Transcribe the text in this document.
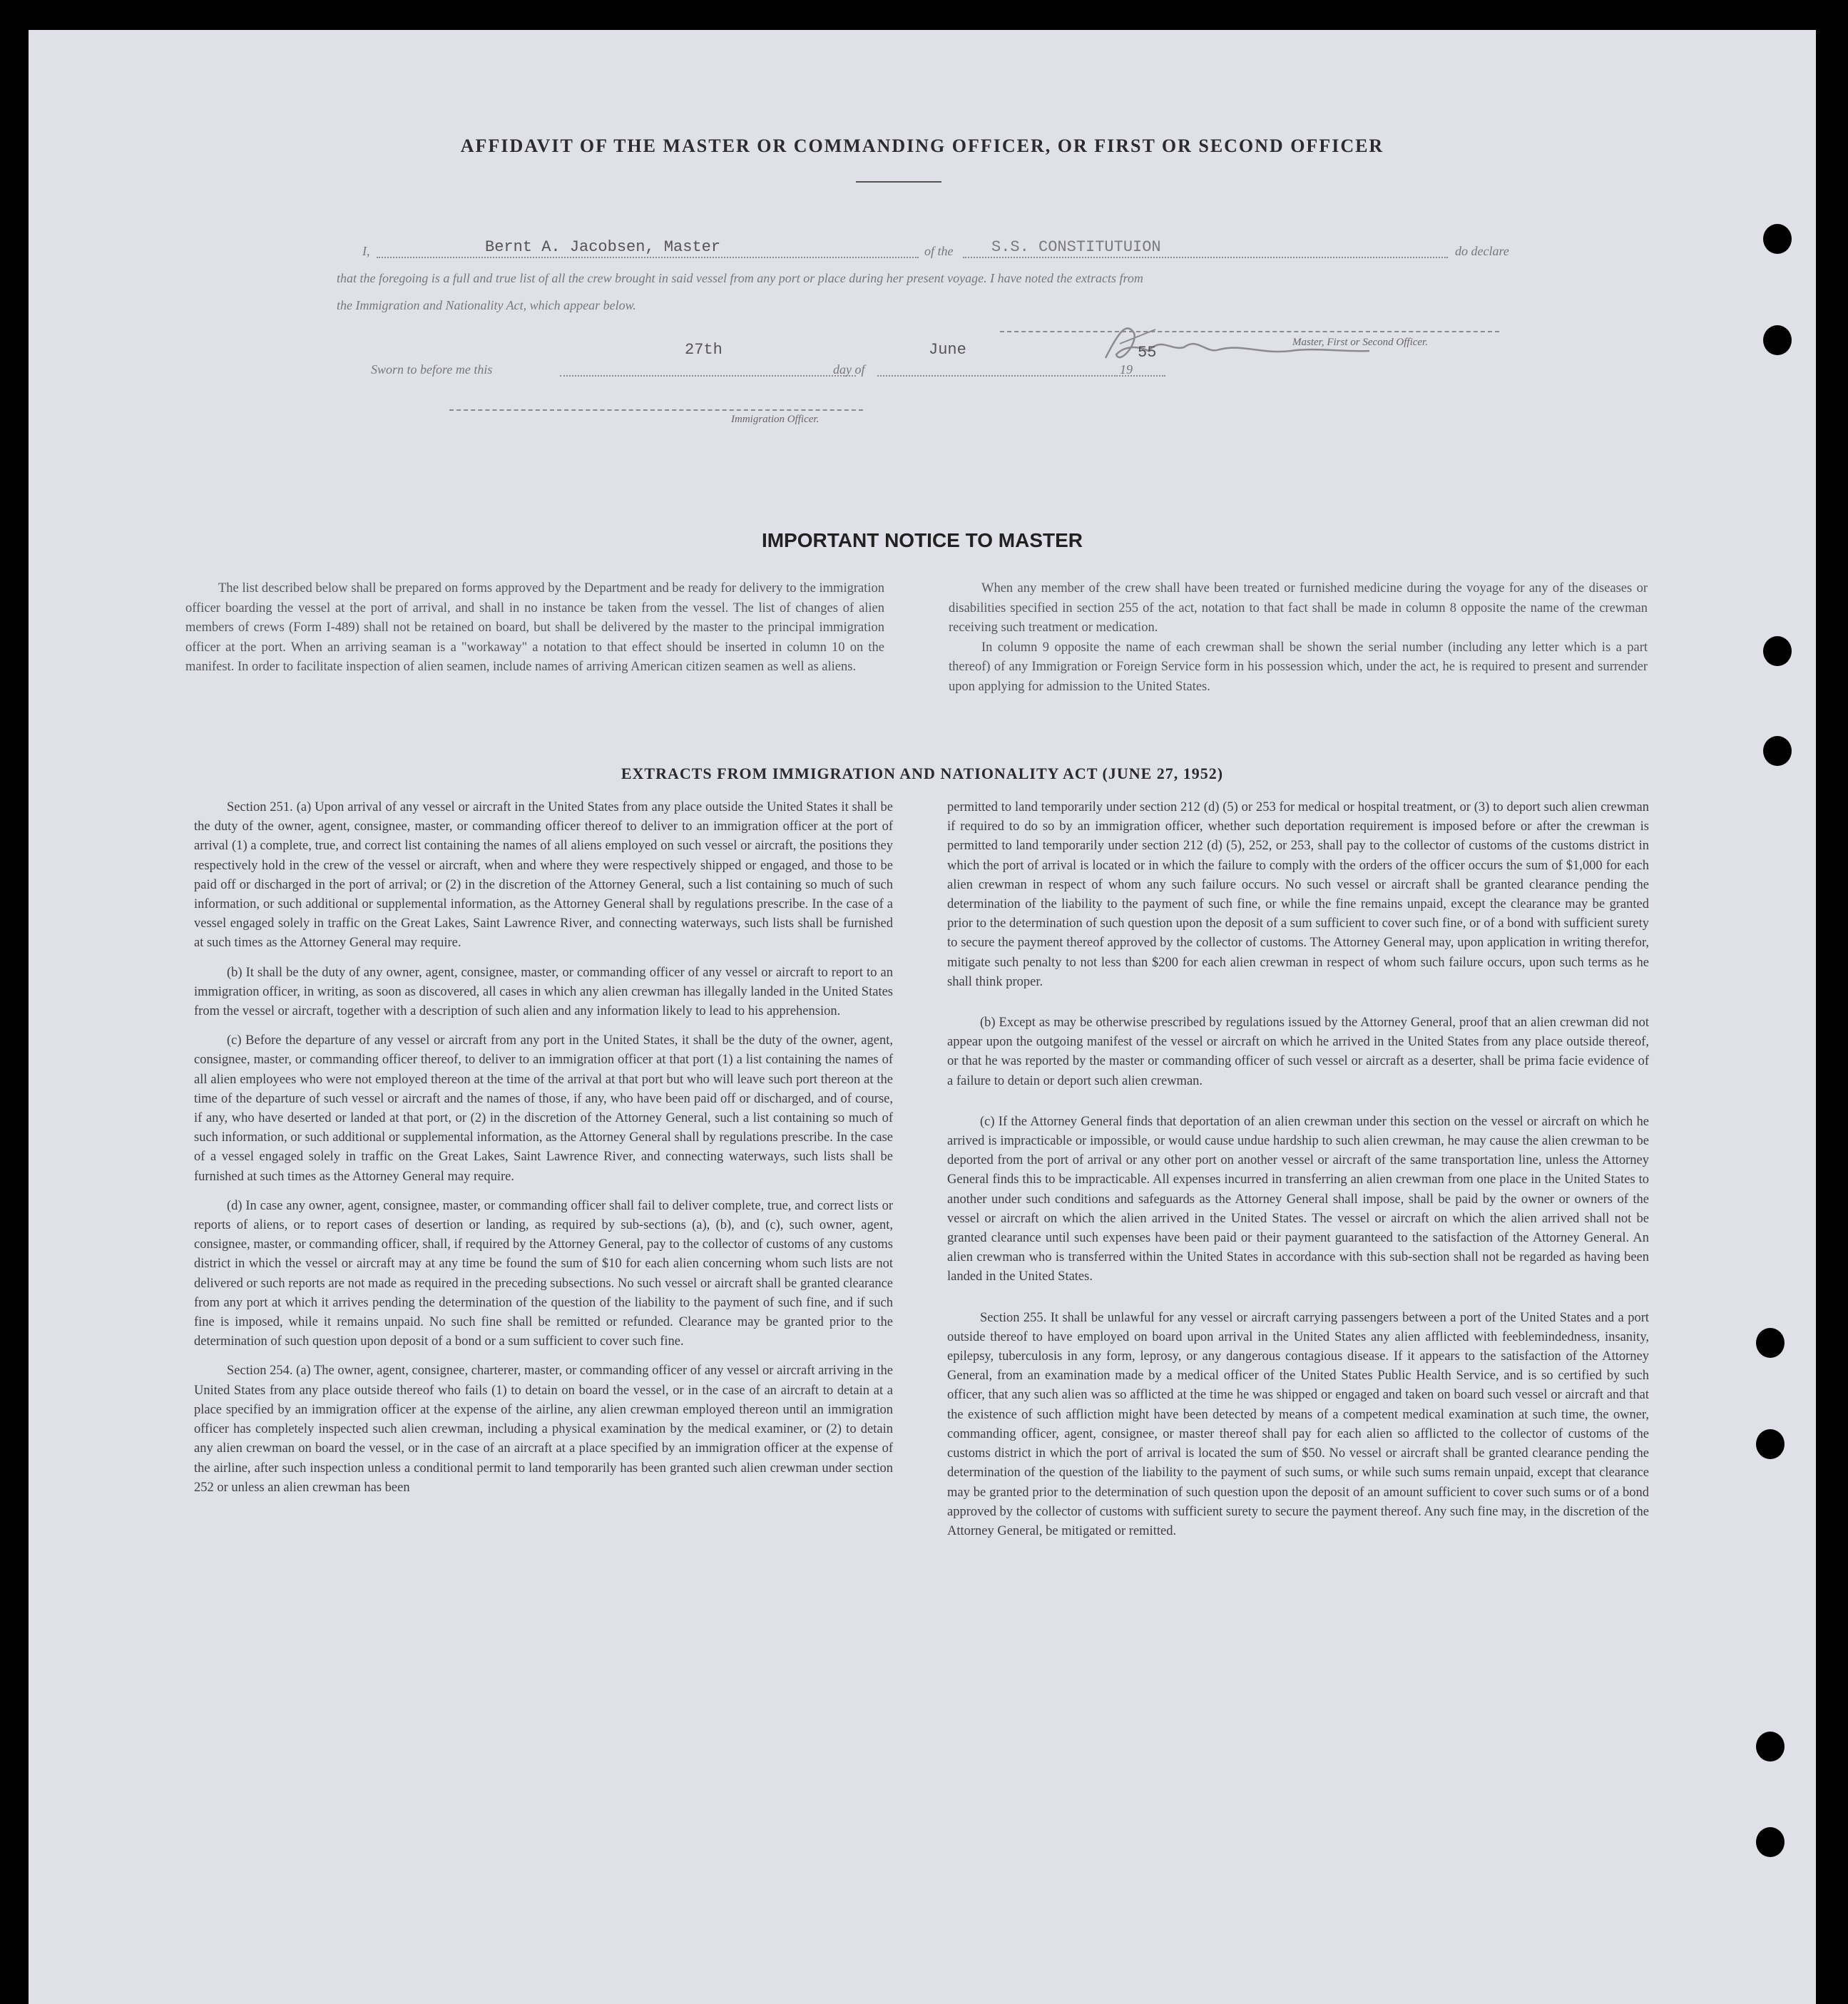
AFFIDAVIT OF THE MASTER OR COMMANDING OFFICER, OR FIRST OR SECOND OFFICER
I,	Bernt A. Jacobsen, Master	of the S.S. CONSTITUTUION	do declare
that the foregoing is a full and true list of all the crew brought in said vessel from any port or place during her present voyage. I have noted the extracts from
the Immigration and Nationality Act, which appear below.
Master, First or Second Officer.
Sworn to before me this
27th
day of
June
19
55
Immigration Officer.
IMPORTANT NOTICE TO MASTER

The list described below shall be prepared on forms approved by the Department and be ready for delivery to the immigration officer boarding the vessel at the port of arrival, and shall in no instance be taken from the vessel. The list of changes of alien members of crews (Form I-489) shall not be retained on board, but shall be delivered by the master to the principal immigration officer at the port. When an arriving seaman is a "workaway" a notation to that effect should be inserted in column 10 on the manifest. In order to facilitate inspection of alien seamen, include names of arriving American citizen seamen as well as aliens.

When any member of the crew shall have been treated or furnished medicine during the voyage for any of the diseases or disabilities specified in section 255 of the act, notation to that fact shall be made in column 8 opposite the name of the crewman receiving such treatment or medication.

In column 9 opposite the name of each crewman shall be shown the serial number (including any letter which is a part thereof) of any Immigration or Foreign Service form in his possession which, under the act, he is required to present and surrender upon applying for admission to the United States.

EXTRACTS FROM IMMIGRATION AND NATIONALITY ACT (JUNE 27, 1952)

Section 251. (a) Upon arrival of any vessel or aircraft in the United States from any place outside the United States it shall be the duty of the owner, agent, consignee, master, or commanding officer thereof to deliver to an immigration officer at the port of arrival (1) a complete, true, and correct list containing the names of all aliens employed on such vessel or aircraft, the positions they respectively hold in the crew of the vessel or aircraft, when and where they were respectively shipped or engaged, and those to be paid off or discharged in the port of arrival; or (2) in the discretion of the Attorney General, such a list containing so much of such information, or such additional or supplemental information, as the Attorney General shall by regulations prescribe. In the case of a vessel engaged solely in traffic on the Great Lakes, Saint Lawrence River, and connecting waterways, such lists shall be furnished at such times as the Attorney General may require.

(b) It shall be the duty of any owner, agent, consignee, master, or commanding officer of any vessel or aircraft to report to an immigration officer, in writing, as soon as discovered, all cases in which any alien crewman has illegally landed in the United States from the vessel or aircraft, together with a description of such alien and any information likely to lead to his apprehension.

(c) Before the departure of any vessel or aircraft from any port in the United States, it shall be the duty of the owner, agent, consignee, master, or commanding officer thereof, to deliver to an immigration officer at that port (1) a list containing the names of all alien employees who were not employed thereon at the time of the arrival at that port but who will leave such port thereon at the time of the departure of such vessel or aircraft and the names of those, if any, who have been paid off or discharged, and of course, if any, who have deserted or landed at that port, or (2) in the discretion of the Attorney General, such a list containing so much of such information, or such additional or supplemental information, as the Attorney General shall by regulations prescribe. In the case of a vessel engaged solely in traffic on the Great Lakes, Saint Lawrence River, and connecting waterways, such lists shall be furnished at such times as the Attorney General may require.

(d) In case any owner, agent, consignee, master, or commanding officer shall fail to deliver complete, true, and correct lists or reports of aliens, or to report cases of desertion or landing, as required by sub-sections (a), (b), and (c), such owner, agent, consignee, master, or commanding officer, shall, if required by the Attorney General, pay to the collector of customs of any customs district in which the vessel or aircraft may at any time be found the sum of $10 for each alien concerning whom such lists are not delivered or such reports are not made as required in the preceding subsections. No such vessel or aircraft shall be granted clearance from any port at which it arrives pending the determination of the question of the liability to the payment of such fine, and if such fine is imposed, while it remains unpaid. No such fine shall be remitted or refunded. Clearance may be granted prior to the determination of such question upon deposit of a bond or a sum sufficient to cover such fine.

Section 254. (a) The owner, agent, consignee, charterer, master, or commanding officer of any vessel or aircraft arriving in the United States from any place outside thereof who fails (1) to detain on board the vessel, or in the case of an aircraft to detain at a place specified by an immigration officer at the expense of the airline, any alien crewman employed thereon until an immigration officer has completely inspected such alien crewman, including a physical examination by the medical examiner, or (2) to detain any alien crewman on board the vessel, or in the case of an aircraft at a place specified by an immigration officer at the expense of the airline, after such inspection unless a conditional permit to land temporarily has been granted such alien crewman under section 252 or unless an alien crewman has been

permitted to land temporarily under section 212 (d) (5) or 253 for medical or hospital treatment, or (3) to deport such alien crewman if required to do so by an immigration officer, whether such deportation requirement is imposed before or after the crewman is permitted to land temporarily under section 212 (d) (5), 252, or 253, shall pay to the collector of customs of the customs district in which the port of arrival is located or in which the failure to comply with the orders of the officer occurs the sum of $1,000 for each alien crewman in respect of whom any such failure occurs. No such vessel or aircraft shall be granted clearance pending the determination of the liability to the payment of such fine, or while the fine remains unpaid, except the clearance may be granted prior to the determination of such question upon the deposit of a sum sufficient to cover such fine, or of a bond with sufficient surety to secure the payment thereof approved by the collector of customs. The Attorney General may, upon application in writing therefor, mitigate such penalty to not less than $200 for each alien crewman in respect of whom such failure occurs, upon such terms as he shall think proper.

(b) Except as may be otherwise prescribed by regulations issued by the Attorney General, proof that an alien crewman did not appear upon the outgoing manifest of the vessel or aircraft on which he arrived in the United States from any place outside thereof, or that he was reported by the master or commanding officer of such vessel or aircraft as a deserter, shall be prima facie evidence of a failure to detain or deport such alien crewman.

(c) If the Attorney General finds that deportation of an alien crewman under this section on the vessel or aircraft on which he arrived is impracticable or impossible, or would cause undue hardship to such alien crewman, he may cause the alien crewman to be deported from the port of arrival or any other port on another vessel or aircraft of the same transportation line, unless the Attorney General finds this to be impracticable. All expenses incurred in transferring an alien crewman from one place in the United States to another under such conditions and safeguards as the Attorney General shall impose, shall be paid by the owner or owners of the vessel or aircraft on which the alien arrived in the United States. The vessel or aircraft on which the alien arrived shall not be granted clearance until such expenses have been paid or their payment guaranteed to the satisfaction of the Attorney General. An alien crewman who is transferred within the United States in accordance with this sub-section shall not be regarded as having been landed in the United States.

Section 255. It shall be unlawful for any vessel or aircraft carrying passengers between a port of the United States and a port outside thereof to have employed on board upon arrival in the United States any alien afflicted with feeblemindedness, insanity, epilepsy, tuberculosis in any form, leprosy, or any dangerous contagious disease. If it appears to the satisfaction of the Attorney General, from an examination made by a medical officer of the United States Public Health Service, and is so certified by such officer, that any such alien was so afflicted at the time he was shipped or engaged and taken on board such vessel or aircraft and that the existence of such affliction might have been detected by means of a competent medical examination at such time, the owner, commanding officer, agent, consignee, or master thereof shall pay for each alien so afflicted to the collector of customs of the customs district in which the port of arrival is located the sum of $50. No vessel or aircraft shall be granted clearance pending the determination of the question of the liability to the payment of such sums, or while such sums remain unpaid, except that clearance may be granted prior to the determination of such question upon the deposit of an amount sufficient to cover such sums or of a bond approved by the collector of customs with sufficient surety to secure the payment thereof. Any such fine may, in the discretion of the Attorney General, be mitigated or remitted.
